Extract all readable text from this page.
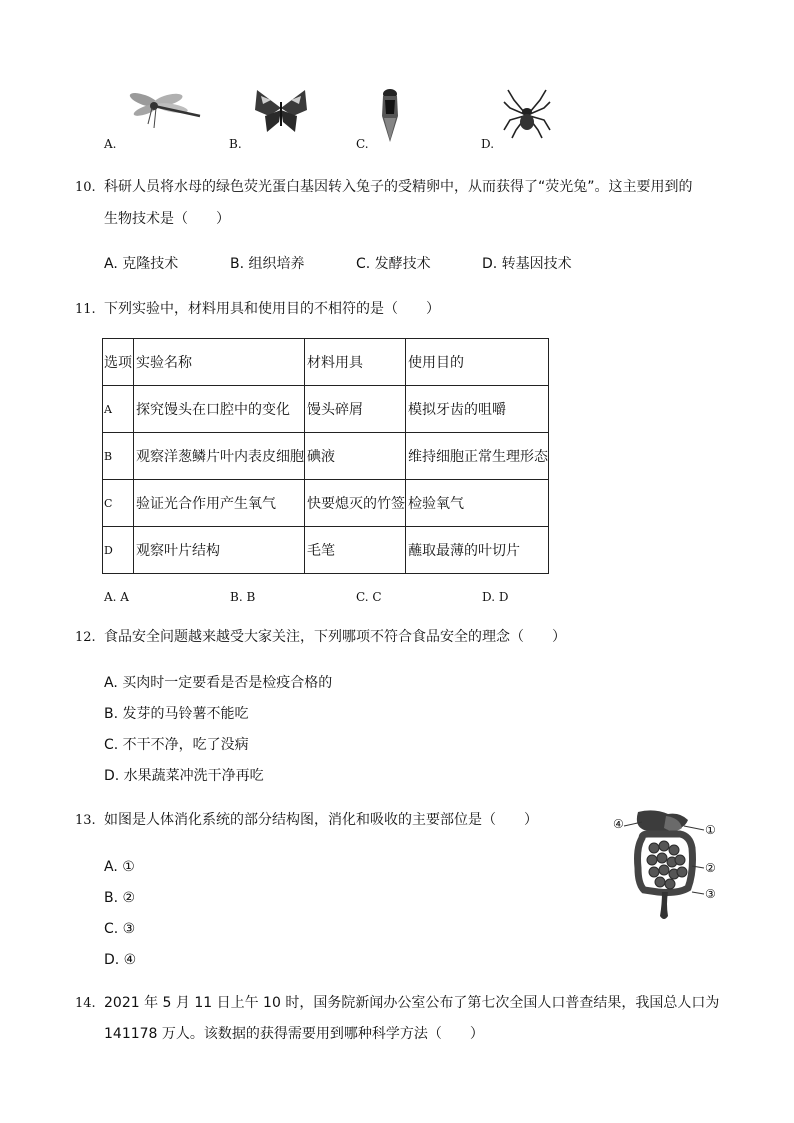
A.	B.	C.	D.
10. 科研人员将水母的绿色荧光蛋白基因转入兔子的受精卵中，从而获得了“荧光兔”。这主要用到的
生物技术是（　　）
A. 克隆技术	B. 组织培养	C. 发酵技术	D. 转基因技术
11. 下列实验中，材料用具和使用目的不相符的是（　　）
选项	实验名称	材料用具	使用目的
A	探究馒头在口腔中的变化	馒头碎屑	模拟牙齿的咀嚼
B	观察洋葱鳞片叶内表皮细胞	碘液	维持细胞正常生理形态
C	验证光合作用产生氧气	快要熄灭的竹签	检验氧气
D	观察叶片结构	毛笔	蘸取最薄的叶切片
A. A	B. B	C. C	D. D
12. 食品安全问题越来越受大家关注，下列哪项不符合食品安全的理念（　　）
A. 买肉时一定要看是否是检疫合格的
B. 发芽的马铃薯不能吃
C. 不干不净，吃了没病
D. 水果蔬菜冲洗干净再吃
13. 如图是人体消化系统的部分结构图，消化和吸收的主要部位是（　　）
A. ①
B. ②
C. ③
D. ④
④	①
②
③
14. 2021 年 5 月 11 日上午 10 时，国务院新闻办公室公布了第七次全国人口普查结果，我国总人口为
141178 万人。该数据的获得需要用到哪种科学方法（　　）
